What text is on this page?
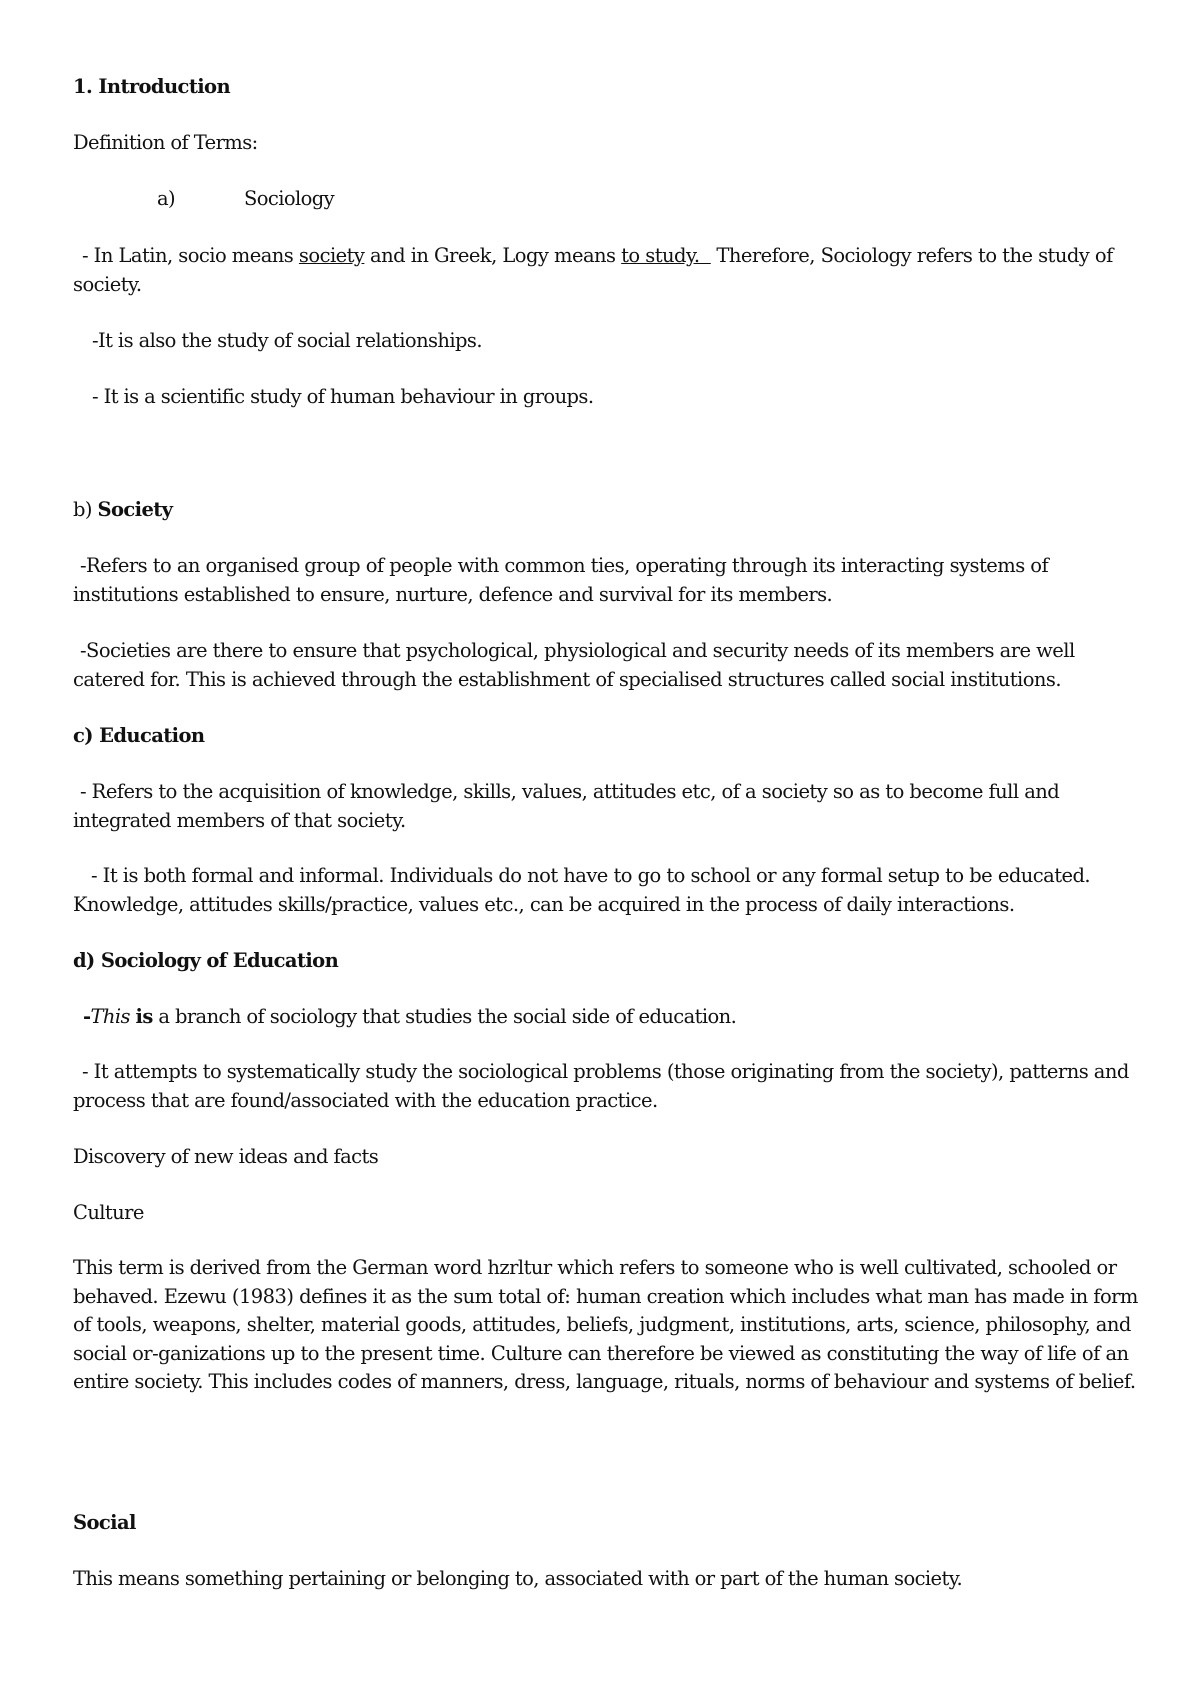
1. Introduction
Definition of Terms:
a)	Sociology
- In Latin, socio means society and in Greek, Logy means to study.   Therefore, Sociology refers to the study of society.
-It is also the study of social relationships.
- It is a scientific study of human behaviour in groups.
b) Society
-Refers to an organised group of people with common ties, operating through its interacting systems of institutions established to ensure, nurture, defence and survival for its members.
-Societies are there to ensure that psychological, physiological and security needs of its members are well catered for. This is achieved through the establishment of specialised structures called social institutions.
c) Education
- Refers to the acquisition of knowledge, skills, values, attitudes etc, of a society so as to become full and integrated members of that society.
- It is both formal and informal. Individuals do not have to go to school or any formal setup to be educated. Knowledge, attitudes skills/practice, values etc., can be acquired in the process of daily interactions.
d) Sociology of Education
-This is a branch of sociology that studies the social side of education.
- It attempts to systematically study the sociological problems (those originating from the society), patterns and process that are found/associated with the education practice.
Discovery of new ideas and facts
Culture
This term is derived from the German word hzrltur which refers to someone who is well cultivated, schooled or behaved. Ezewu (1983) defines it as the sum total of: human creation which includes what man has made in form of tools, weapons, shelter, material goods, attitudes, beliefs, judgment, institutions, arts, science, philosophy, and social or-ganizations up to the present time. Culture can therefore be viewed as constituting the way of life of an entire society. This includes codes of manners, dress, language, rituals, norms of behaviour and systems of belief.
Social
This means something pertaining or belonging to, associated with or part of the human society.
